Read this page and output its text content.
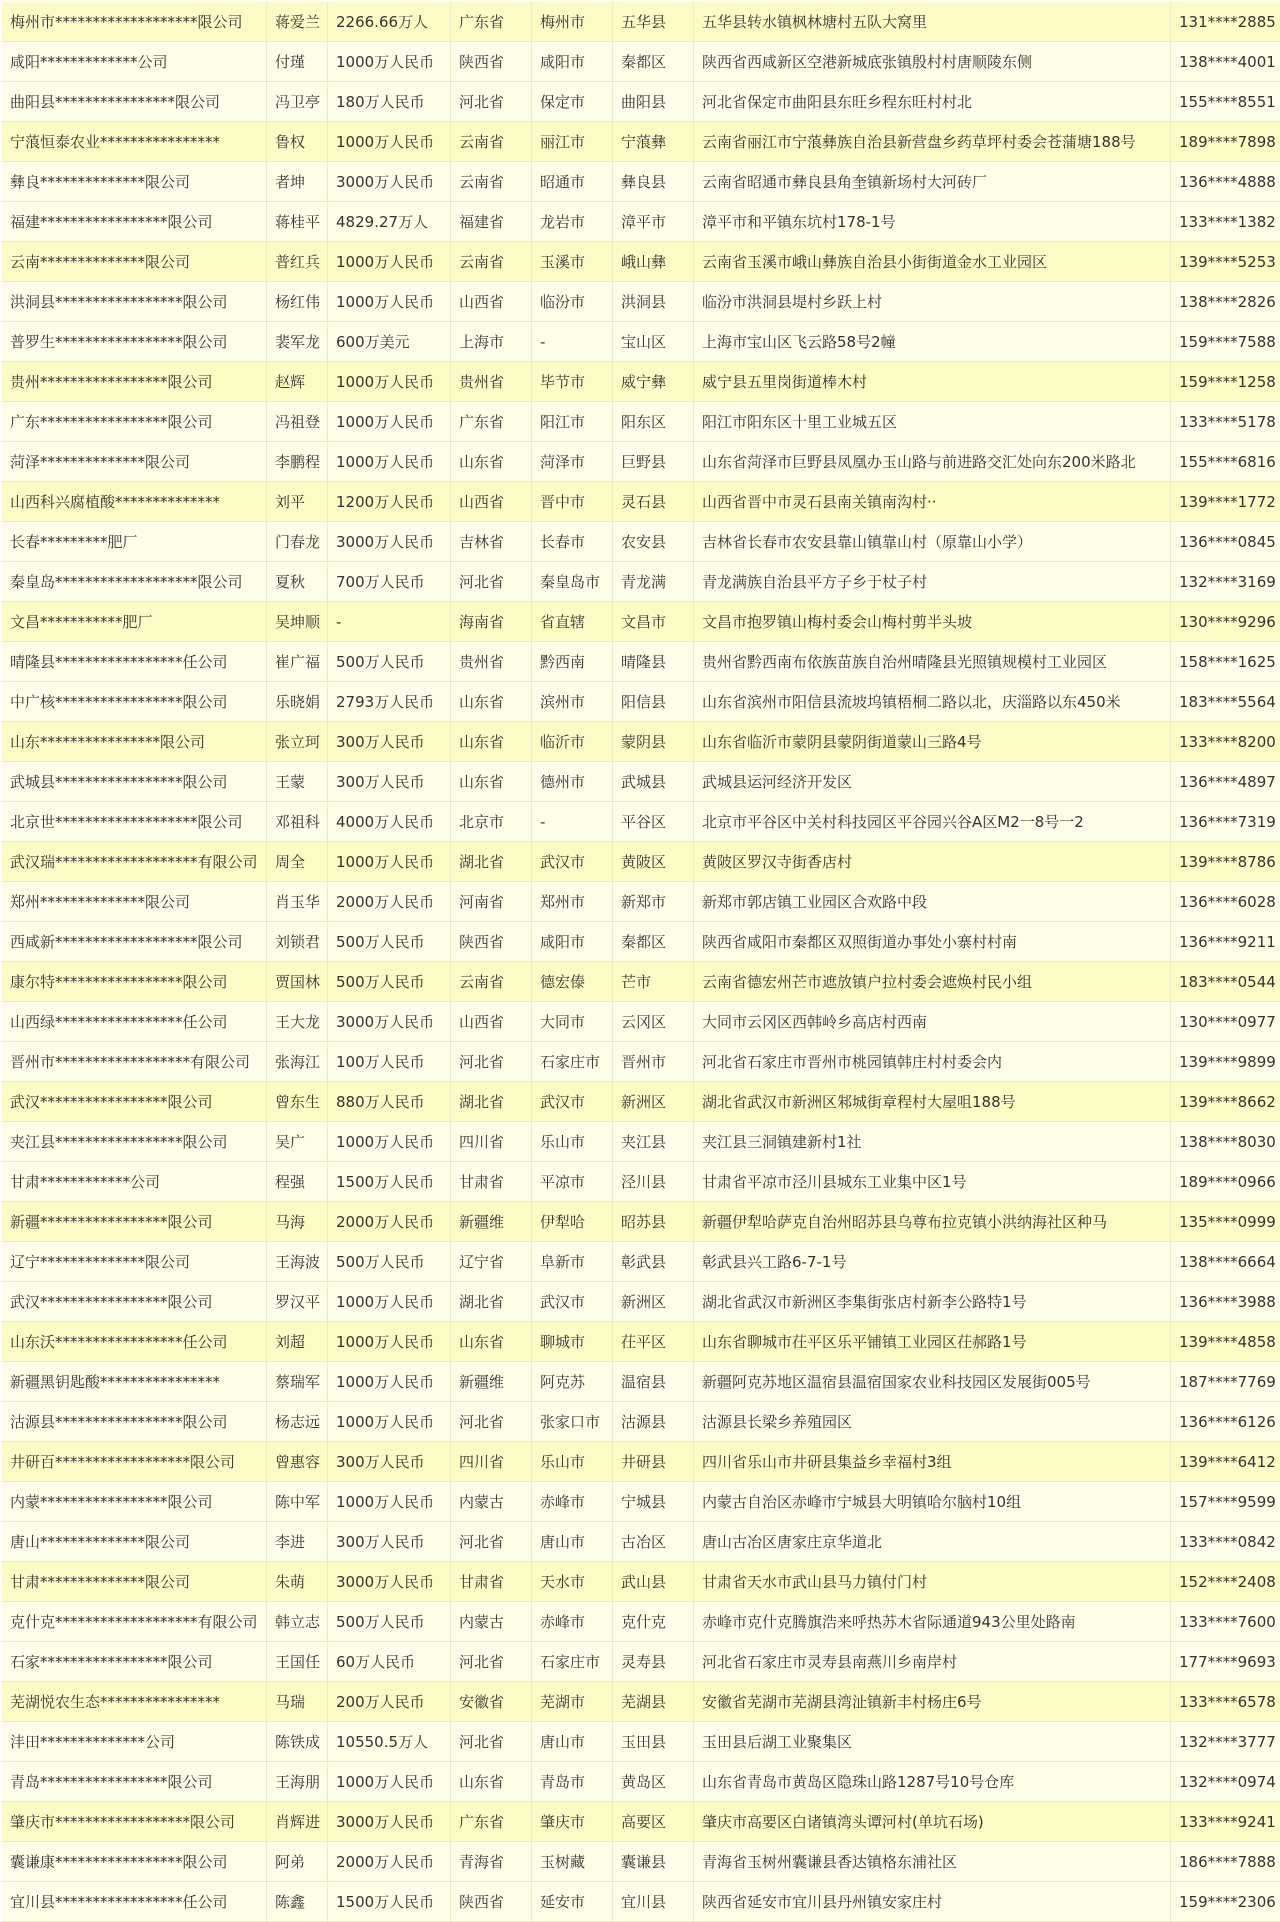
梅州市*******************限公司	蒋爱兰	2266.66万人	广东省	梅州市	五华县	五华县转水镇枫林塘村五队大窝里	131****2885
咸阳*************公司	付瑾	1000万人民币	陕西省	咸阳市	秦都区	陕西省西咸新区空港新城底张镇殷村村唐顺陵东侧	138****4001
曲阳县****************限公司	冯卫亭	180万人民币	河北省	保定市	曲阳县	河北省保定市曲阳县东旺乡程东旺村村北	155****8551
宁蒗恒泰农业****************	鲁权	1000万人民币	云南省	丽江市	宁蒗彝	云南省丽江市宁蒗彝族自治县新营盘乡药草坪村委会苍蒲塘188号	189****7898
彝良**************限公司	者坤	3000万人民币	云南省	昭通市	彝良县	云南省昭通市彝良县角奎镇新场村大河砖厂	136****4888
福建*****************限公司	蒋桂平	4829.27万人	福建省	龙岩市	漳平市	漳平市和平镇东坑村178-1号	133****1382
云南**************限公司	普红兵	1000万人民币	云南省	玉溪市	峨山彝	云南省玉溪市峨山彝族自治县小街街道金水工业园区	139****5253
洪洞县*****************限公司	杨红伟	1000万人民币	山西省	临汾市	洪洞县	临汾市洪洞县堤村乡跃上村	138****2826
普罗生*****************限公司	裴军龙	600万美元	上海市	-	宝山区	上海市宝山区飞云路58号2幢	159****7588
贵州*****************限公司	赵辉	1000万人民币	贵州省	毕节市	威宁彝	威宁县五里岗街道棒木村	159****1258
广东*****************限公司	冯祖登	1000万人民币	广东省	阳江市	阳东区	阳江市阳东区十里工业城五区	133****5178
菏泽**************限公司	李鹏程	1000万人民币	山东省	菏泽市	巨野县	山东省菏泽市巨野县凤凰办玉山路与前进路交汇处向东200米路北	155****6816
山西科兴腐植酸**************	刘平	1200万人民币	山西省	晋中市	灵石县	山西省晋中市灵石县南关镇南沟村··	139****1772
长春*********肥厂	门春龙	3000万人民币	吉林省	长春市	农安县	吉林省长春市农安县靠山镇靠山村（原靠山小学）	136****0845
秦皇岛*******************限公司	夏秋	700万人民币	河北省	秦皇岛市	青龙满	青龙满族自治县平方子乡于杖子村	132****3169
文昌***********肥厂	吴坤顺	-	海南省	省直辖	文昌市	文昌市抱罗镇山梅村委会山梅村剪半头坡	130****9296
晴隆县*****************任公司	崔广福	500万人民币	贵州省	黔西南	晴隆县	贵州省黔西南布依族苗族自治州晴隆县光照镇规模村工业园区	158****1625
中广核*****************限公司	乐晓娟	2793万人民币	山东省	滨州市	阳信县	山东省滨州市阳信县流坡坞镇梧桐二路以北，庆淄路以东450米	183****5564
山东****************限公司	张立珂	300万人民币	山东省	临沂市	蒙阴县	山东省临沂市蒙阴县蒙阴街道蒙山三路4号	133****8200
武城县*****************限公司	王蒙	300万人民币	山东省	德州市	武城县	武城县运河经济开发区	136****4897
北京世*******************限公司	邓祖科	4000万人民币	北京市	-	平谷区	北京市平谷区中关村科技园区平谷园兴谷A区M2一8号一2	136****7319
武汉瑞*******************有限公司	周全	1000万人民币	湖北省	武汉市	黄陂区	黄陂区罗汉寺街香店村	139****8786
郑州**************限公司	肖玉华	2000万人民币	河南省	郑州市	新郑市	新郑市郭店镇工业园区合欢路中段	136****6028
西咸新*******************限公司	刘锁君	500万人民币	陕西省	咸阳市	秦都区	陕西省咸阳市秦都区双照街道办事处小寨村村南	136****9211
康尔特*****************限公司	贾国林	500万人民币	云南省	德宏傣	芒市	云南省德宏州芒市遮放镇户拉村委会遮焕村民小组	183****0544
山西绿*****************任公司	王大龙	3000万人民币	山西省	大同市	云冈区	大同市云冈区西韩岭乡高店村西南	130****0977
晋州市******************有限公司	张海江	100万人民币	河北省	石家庄市	晋州市	河北省石家庄市晋州市桃园镇韩庄村村委会内	139****9899
武汉*****************限公司	曾东生	880万人民币	湖北省	武汉市	新洲区	湖北省武汉市新洲区邾城街章程村大屋咀188号	139****8662
夹江县*****************限公司	吴广	1000万人民币	四川省	乐山市	夹江县	夹江县三洞镇建新村1社	138****8030
甘肃************公司	程强	1500万人民币	甘肃省	平凉市	泾川县	甘肃省平凉市泾川县城东工业集中区1号	189****0966
新疆*****************限公司	马海	2000万人民币	新疆维	伊犁哈	昭苏县	新疆伊犁哈萨克自治州昭苏县乌尊布拉克镇小洪纳海社区种马	135****0999
辽宁**************限公司	王海波	500万人民币	辽宁省	阜新市	彰武县	彰武县兴工路6-7-1号	138****6664
武汉*****************限公司	罗汉平	1000万人民币	湖北省	武汉市	新洲区	湖北省武汉市新洲区李集街张店村新李公路特1号	136****3988
山东沃*****************任公司	刘超	1000万人民币	山东省	聊城市	茌平区	山东省聊城市茌平区乐平铺镇工业园区茌郝路1号	139****4858
新疆黑钥匙酸****************	蔡瑞军	1000万人民币	新疆维	阿克苏	温宿县	新疆阿克苏地区温宿县温宿国家农业科技园区发展街005号	187****7769
沽源县*****************限公司	杨志远	1000万人民币	河北省	张家口市	沽源县	沽源县长梁乡养殖园区	136****6126
井研百******************限公司	曾惠容	300万人民币	四川省	乐山市	井研县	四川省乐山市井研县集益乡幸福村3组	139****6412
内蒙*****************限公司	陈中军	1000万人民币	内蒙古	赤峰市	宁城县	内蒙古自治区赤峰市宁城县大明镇哈尔脑村10组	157****9599
唐山**************限公司	李进	300万人民币	河北省	唐山市	古冶区	唐山古冶区唐家庄京华道北	133****0842
甘肃**************限公司	朱萌	3000万人民币	甘肃省	天水市	武山县	甘肃省天水市武山县马力镇付门村	152****2408
克什克*******************有限公司	韩立志	500万人民币	内蒙古	赤峰市	克什克	赤峰市克什克腾旗浩来呼热苏木省际通道943公里处路南	133****7600
石家*****************限公司	王国任	60万人民币	河北省	石家庄市	灵寿县	河北省石家庄市灵寿县南燕川乡南岸村	177****9693
芜湖悦农生态****************	马瑞	200万人民币	安徽省	芜湖市	芜湖县	安徽省芜湖市芜湖县湾沚镇新丰村杨庄6号	133****6578
沣田**************公司	陈铁成	10550.5万人	河北省	唐山市	玉田县	玉田县后湖工业聚集区	132****3777
青岛*****************限公司	王海朋	1000万人民币	山东省	青岛市	黄岛区	山东省青岛市黄岛区隐珠山路1287号10号仓库	132****0974
肇庆市******************限公司	肖辉进	3000万人民币	广东省	肇庆市	高要区	肇庆市高要区白诸镇湾头谭河村(单坑石场)	133****9241
囊谦康*****************限公司	阿弟	2000万人民币	青海省	玉树藏	囊谦县	青海省玉树州囊谦县香达镇格东浦社区	186****7888
宜川县*****************任公司	陈鑫	1500万人民币	陕西省	延安市	宜川县	陕西省延安市宜川县丹州镇安家庄村	159****2306
